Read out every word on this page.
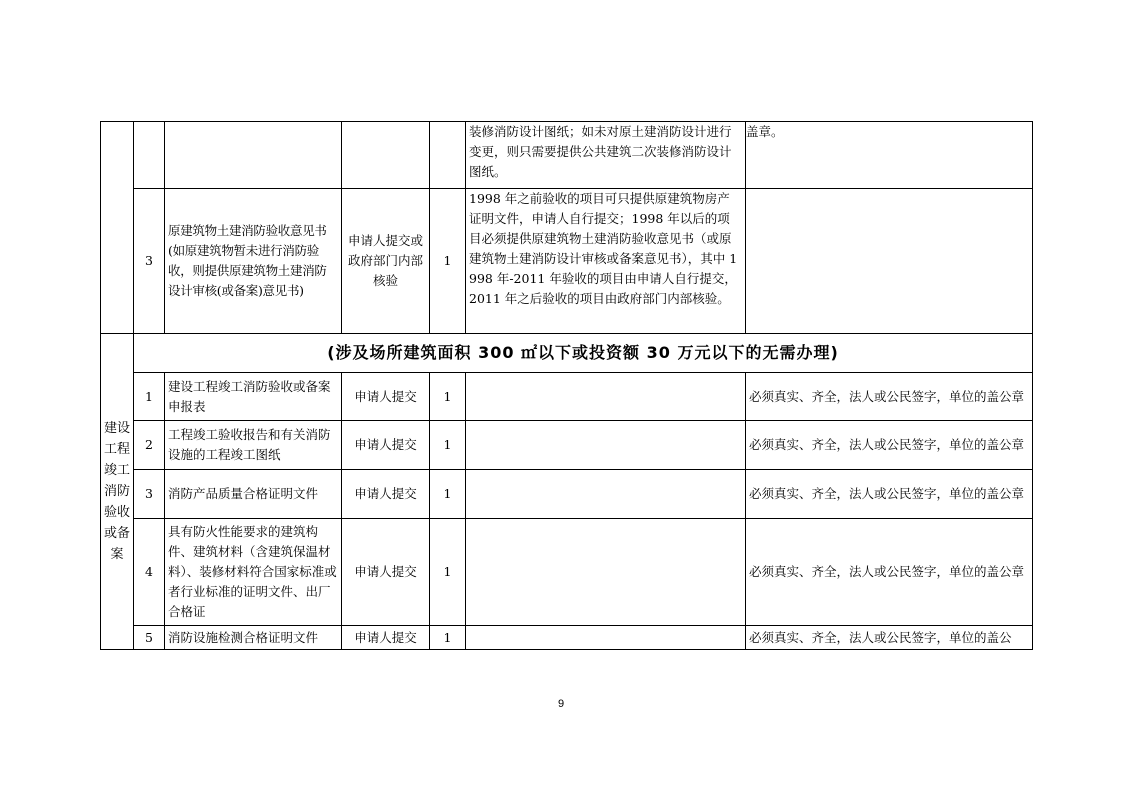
					装修消防设计图纸；如未对原土建消防设计进行变更，则只需要提供公共建筑二次装修消防设计图纸。	盖章。
	3	原建筑物土建消防验收意见书(如原建筑物暂未进行消防验收，则提供原建筑物土建消防设计审核(或备案)意见书)	申请人提交或政府部门内部核验	1	1998 年之前验收的项目可只提供原建筑物房产证明文件，申请人自行提交；1998 年以后的项目必须提供原建筑物土建消防验收意见书（或原建筑物土建消防设计审核或备案意见书），其中 1998 年-2011 年验收的项目由申请人自行提交，2011 年之后验收的项目由政府部门内部核验。	
建设工程竣工消防验收或备案	(涉及场所建筑面积 300 ㎡以下或投资额 30 万元以下的无需办理)					
	1	建设工程竣工消防验收或备案申报表	申请人提交	1		必须真实、齐全，法人或公民签字，单位的盖公章
	2	工程竣工验收报告和有关消防设施的工程竣工图纸	申请人提交	1		必须真实、齐全，法人或公民签字，单位的盖公章
	3	消防产品质量合格证明文件	申请人提交	1		必须真实、齐全，法人或公民签字，单位的盖公章
	4	具有防火性能要求的建筑构件、建筑材料（含建筑保温材料）、装修材料符合国家标准或者行业标准的证明文件、出厂合格证	申请人提交	1		必须真实、齐全，法人或公民签字，单位的盖公章
	5	消防设施检测合格证明文件	申请人提交	1		必须真实、齐全，法人或公民签字，单位的盖公
9
